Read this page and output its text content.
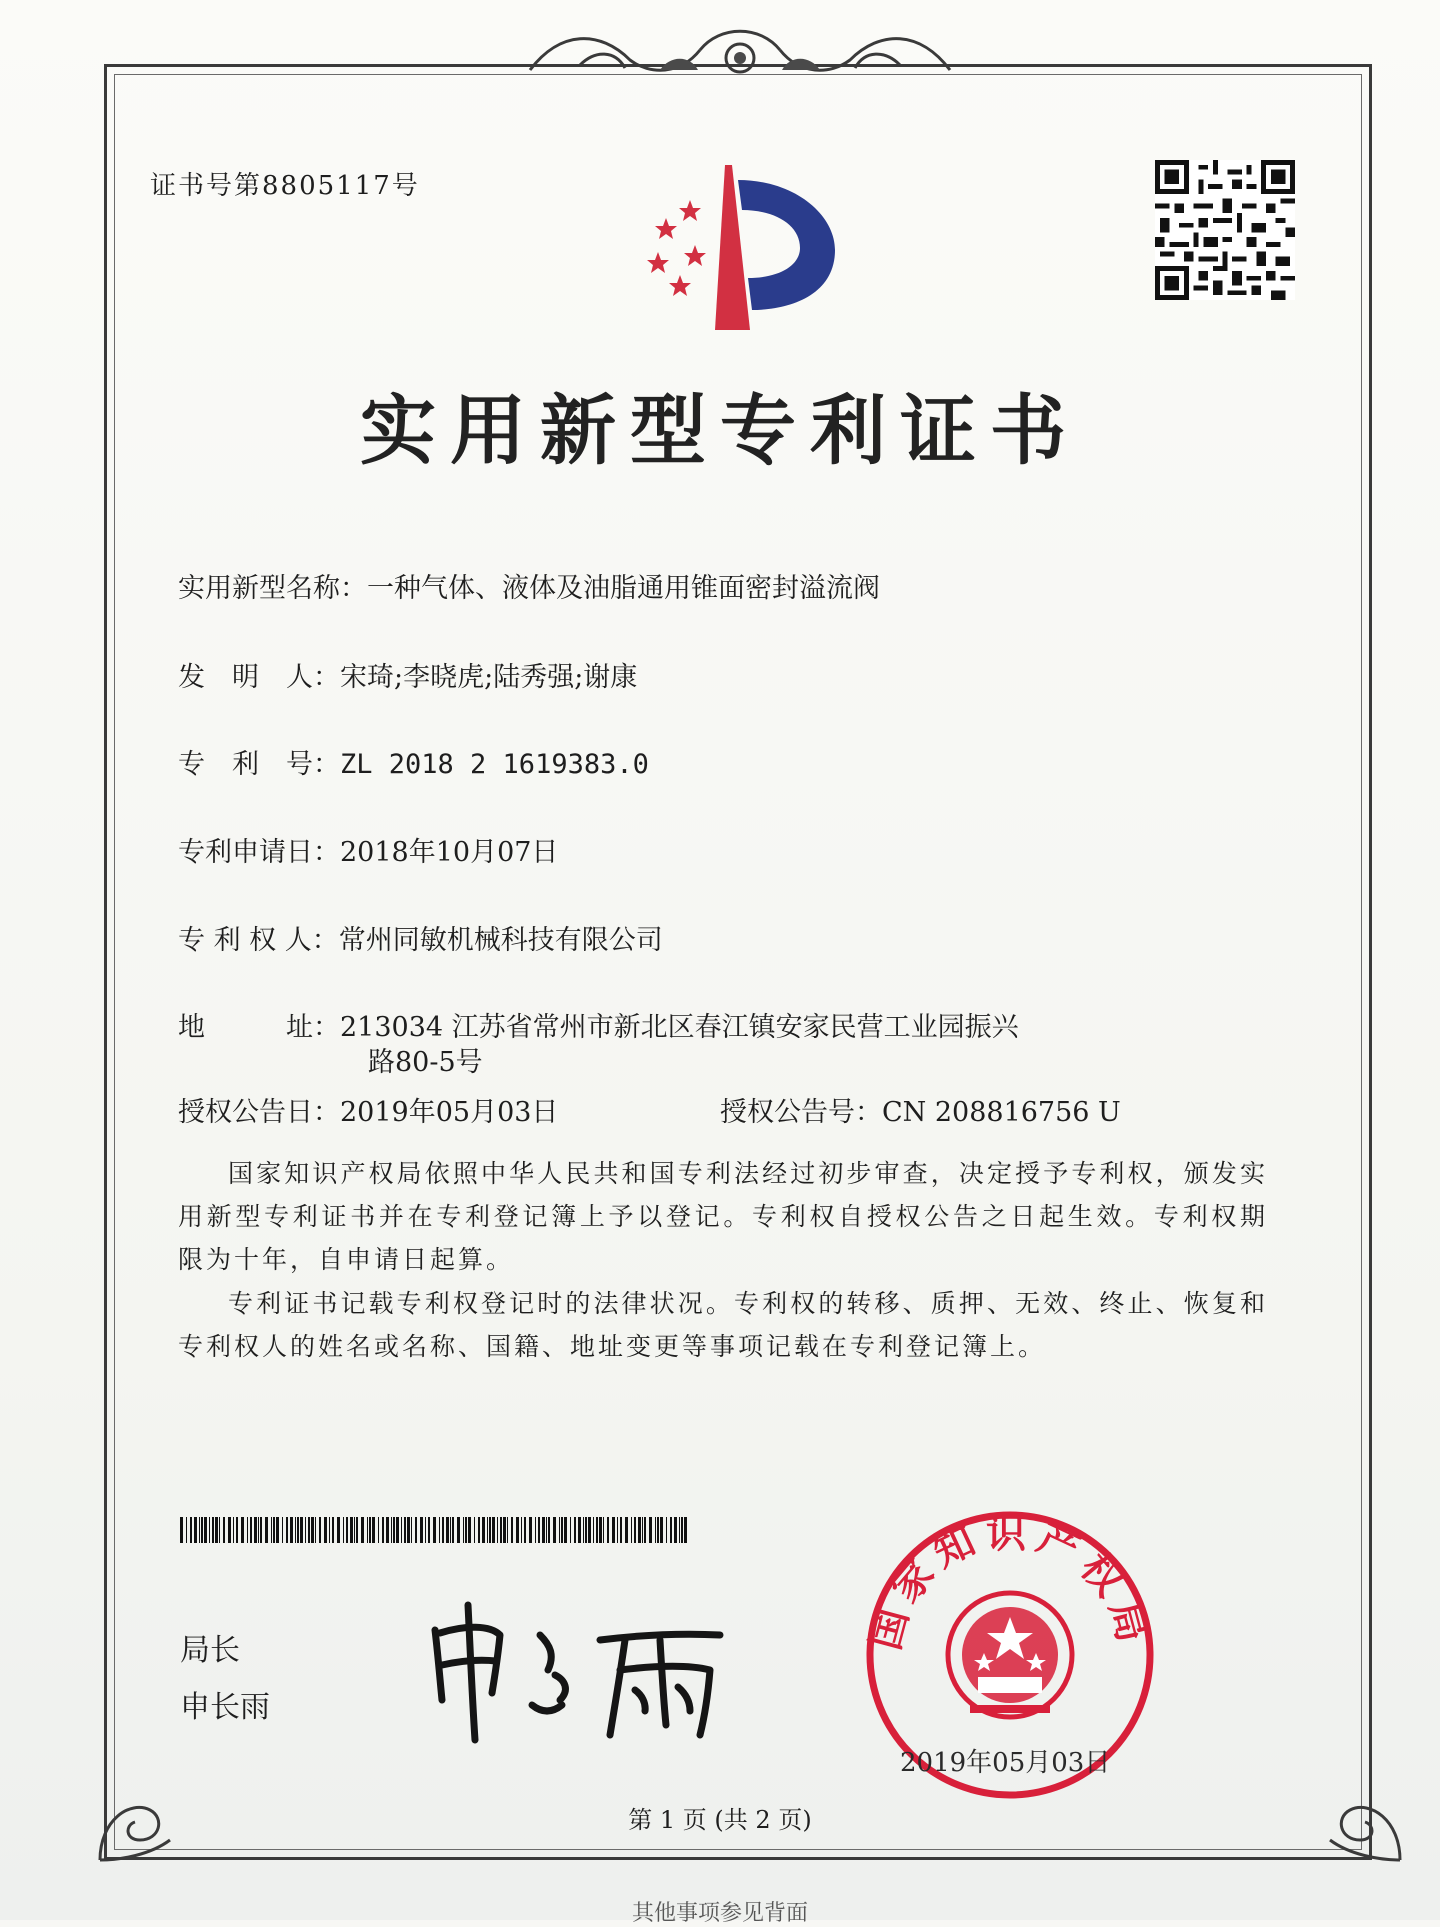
证书号第8805117号
实用新型专利证书
实用新型名称：一种气体、液体及油脂通用锥面密封溢流阀
发　明　人：宋琦;李晓虎;陆秀强;谢康
专　利　号：ZL 2018 2 1619383.0
专利申请日：2018年10月07日
专 利 权 人：常州同敏机械科技有限公司
地　　　址：213034 江苏省常州市新北区春江镇安家民营工业园振兴
路80-5号
授权公告日：2019年05月03日	授权公告号：CN 208816756 U
国家知识产权局依照中华人民共和国专利法经过初步审查，决定授予专利权，颁发实用新型专利证书并在专利登记簿上予以登记。专利权自授权公告之日起生效。专利权期限为十年，自申请日起算。
专利证书记载专利权登记时的法律状况。专利权的转移、质押、无效、终止、恢复和专利权人的姓名或名称、国籍、地址变更等事项记载在专利登记簿上。
局长
申长雨
国家知识产权局
2019年05月03日
第 1 页 (共 2 页)
其他事项参见背面
